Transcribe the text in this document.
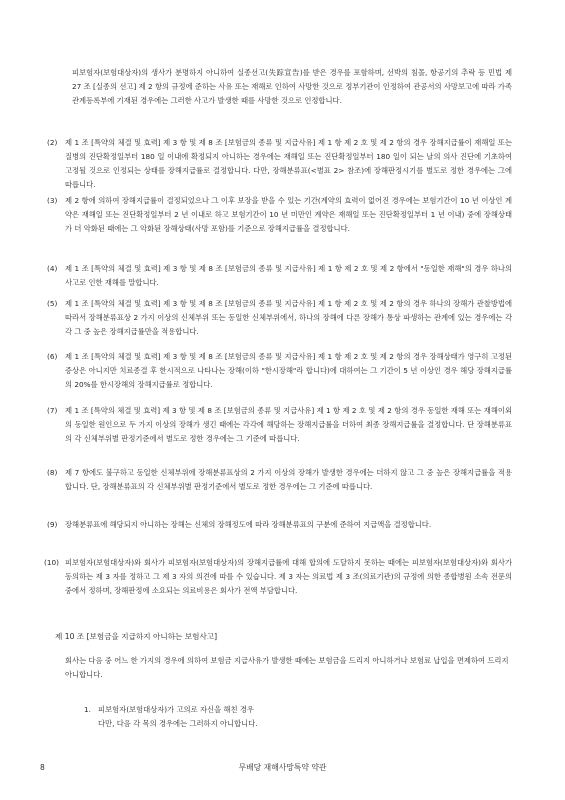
피보험자(보험대상자)의 생사가 분명하지 아니하여 실종선고(失踪宣告)를 받은 경우를 포함하며, 선박의 침몰, 항공기의 추락 등 민법 제 27 조 [실종의 선고] 제 2 항의 규정에 준하는 사유 또는 재해로 인하여 사망한 것으로 정부기관이 인정하여 관공서의 사망보고에 따라 가족관계등록부에 기재된 경우에는 그러한 사고가 발생한 때를 사망한 것으로 인정합니다.
(2) 제 1 조 [특약의 체결 및 효력] 제 3 항 및 제 8 조 [보험금의 종류 및 지급사유] 제 1 항 제 2 호 및 제 2 항의 경우 장해지급률이 재해일 또는 질병의 진단확정일부터 180 일 이내에 확정되지 아니하는 경우에는 재해일 또는 진단확정일부터 180 일이 되는 날의 의사 진단에 기초하여 고정될 것으로 인정되는 상태를 장해지급률로 결정합니다. 다만, 장해분류표(<별표 2> 참조)에 장해판정시기를 별도로 정한 경우에는 그에 따릅니다.
(3) 제 2 항에 의하여 장해지급률이 결정되었으나 그 이후 보장을 받을 수 있는 기간(계약의 효력이 없어진 경우에는 보험기간이 10 년 이상인 계약은 재해일 또는 진단확정일부터 2 년 이내로 하고 보험기간이 10 년 미만인 계약은 재해일 또는 진단확정일부터 1 년 이내) 중에 장해상태가 더 악화된 때에는 그 악화된 장해상태(사망 포함)를 기준으로 장해지급률을 결정합니다.
(4) 제 1 조 [특약의 체결 및 효력] 제 3 항 및 제 8 조 [보험금의 종류 및 지급사유] 제 1 항 제 2 호 및 제 2 항에서 "동일한 재해"의 경우 하나의 사고로 인한 재해를 말합니다.
(5) 제 1 조 [특약의 체결 및 효력] 제 3 항 및 제 8 조 [보험금의 종류 및 지급사유] 제 1 항 제 2 호 및 제 2 항의 경우 하나의 장해가 관찰방법에 따라서 장해분류표상 2 가지 이상의 신체부위 또는 동일한 신체부위에서, 하나의 장해에 다른 장해가 통상 파생하는 관계에 있는 경우에는 각각 그 중 높은 장해지급률만을 적용합니다.
(6) 제 1 조 [특약의 체결 및 효력] 제 3 항 및 제 8 조 [보험금의 종류 및 지급사유] 제 1 항 제 2 호 및 제 2 항의 경우 장해상태가 영구히 고정된 증상은 아니지만 치료종결 후 한시적으로 나타나는 장해(이하 "한시장해"라 합니다)에 대하여는 그 기간이 5 년 이상인 경우 해당 장해지급률의 20%를 한시장해의 장해지급률로 정합니다.
(7) 제 1 조 [특약의 체결 및 효력] 제 3 항 및 제 8 조 [보험금의 종류 및 지급사유] 제 1 항 제 2 호 및 제 2 항의 경우 동일한 재해 또는 재해이외의 동일한 원인으로 두 가지 이상의 장해가 생긴 때에는 각각에 해당하는 장해지급률을 더하여 최종 장해지급률을 결정합니다. 단 장해분류표의 각 신체부위별 판정기준에서 별도로 정한 경우에는 그 기준에 따릅니다.
(8) 제 7 항에도 불구하고 동일한 신체부위에 장해분류표상의 2 가지 이상의 장해가 발생한 경우에는 더하지 않고 그 중 높은 장해지급률을 적용합니다. 단, 장해분류표의 각 신체부위별 판정기준에서 별도로 정한 경우에는 그 기준에 따릅니다.
(9) 장해분류표에 해당되지 아니하는 장해는 신체의 장해정도에 따라 장해분류표의 구분에 준하여 지급액을 결정합니다.
(10) 피보험자(보험대상자)와 회사가 피보험자(보험대상자)의 장해지급률에 대해 합의에 도달하지 못하는 때에는 피보험자(보험대상자)와 회사가 동의하는 제 3 자를 정하고 그 제 3 자의 의견에 따를 수 있습니다. 제 3 자는 의료법 제 3 조(의료기관)의 규정에 의한 종합병원 소속 전문의 중에서 정하며, 장해판정에 소요되는 의료비용은 회사가 전액 부담합니다.
제 10 조 [보험금을 지급하지 아니하는 보험사고]
회사는 다음 중 어느 한 가지의 경우에 의하여 보험금 지급사유가 발생한 때에는 보험금을 드리지 아니하거나 보험료 납입을 면제하여 드리지 아니합니다.
1. 피보험자(보험대상자)가 고의로 자신을 해친 경우
다만, 다음 각 목의 경우에는 그러하지 아니합니다.
8	무배당 재해사망특약 약관
